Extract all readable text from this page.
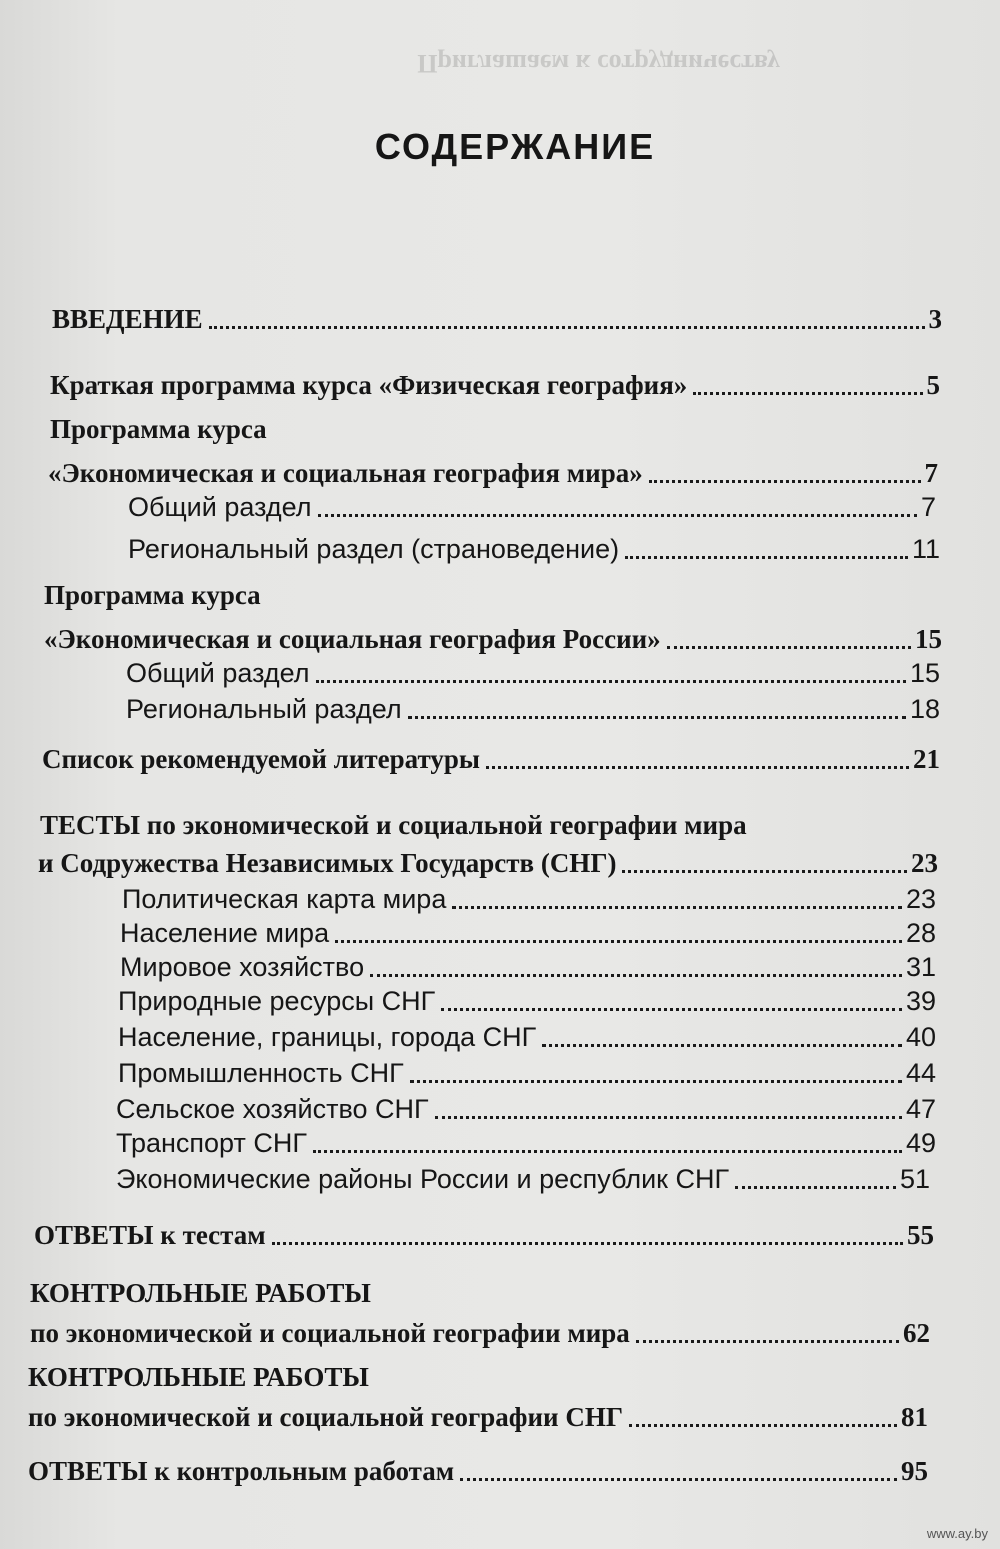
Приглашаем к сотрудничеству
СОДЕРЖАНИЕ
ВВЕДЕНИЕ	3
Краткая программа курса «Физическая география»	5
Программа курса
«Экономическая и социальная география мира»	7
Общий раздел	7
Региональный раздел (страноведение)	11
Программа курса
«Экономическая и социальная география России»	15
Общий раздел	15
Региональный раздел	18
Список рекомендуемой литературы	21
ТЕСТЫ по экономической и социальной географии мира
и Содружества Независимых Государств (СНГ)	23
Политическая карта мира	23
Население мира	28
Мировое хозяйство	31
Природные ресурсы СНГ	39
Население, границы, города СНГ	40
Промышленность СНГ	44
Сельское хозяйство СНГ	47
Транспорт СНГ	49
Экономические районы России и республик СНГ	51
ОТВЕТЫ к тестам	55
КОНТРОЛЬНЫЕ РАБОТЫ
по экономической и социальной географии мира	62
КОНТРОЛЬНЫЕ РАБОТЫ
по экономической и социальной географии СНГ	81
ОТВЕТЫ к контрольным работам	95
www.ay.by
